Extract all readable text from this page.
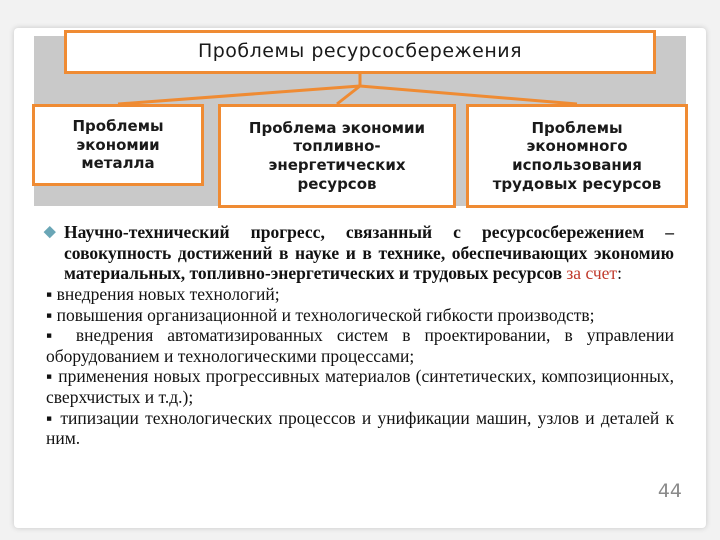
Проблемы ресурсосбережения
Проблемы
экономии
металла
Проблема экономии
топливно-
энергетических
ресурсов
Проблемы
экономного
использования
трудовых ресурсов

◆ Научно-технический прогресс, связанный с ресурсосбережением – совокупность достижений в науке и в технике, обеспечивающих экономию материальных, топливно-энергетических и трудовых ресурсов за счет:

▪ внедрения новых технологий;

▪ повышения организационной и технологической гибкости производств;

▪ внедрения автоматизированных систем в проектировании, в управлении оборудованием и технологическими процессами;

▪ применения новых прогрессивных материалов (синтетических, композиционных, сверхчистых и т.д.);

▪ типизации технологических процессов и унификации машин, узлов и деталей к ним.

44
